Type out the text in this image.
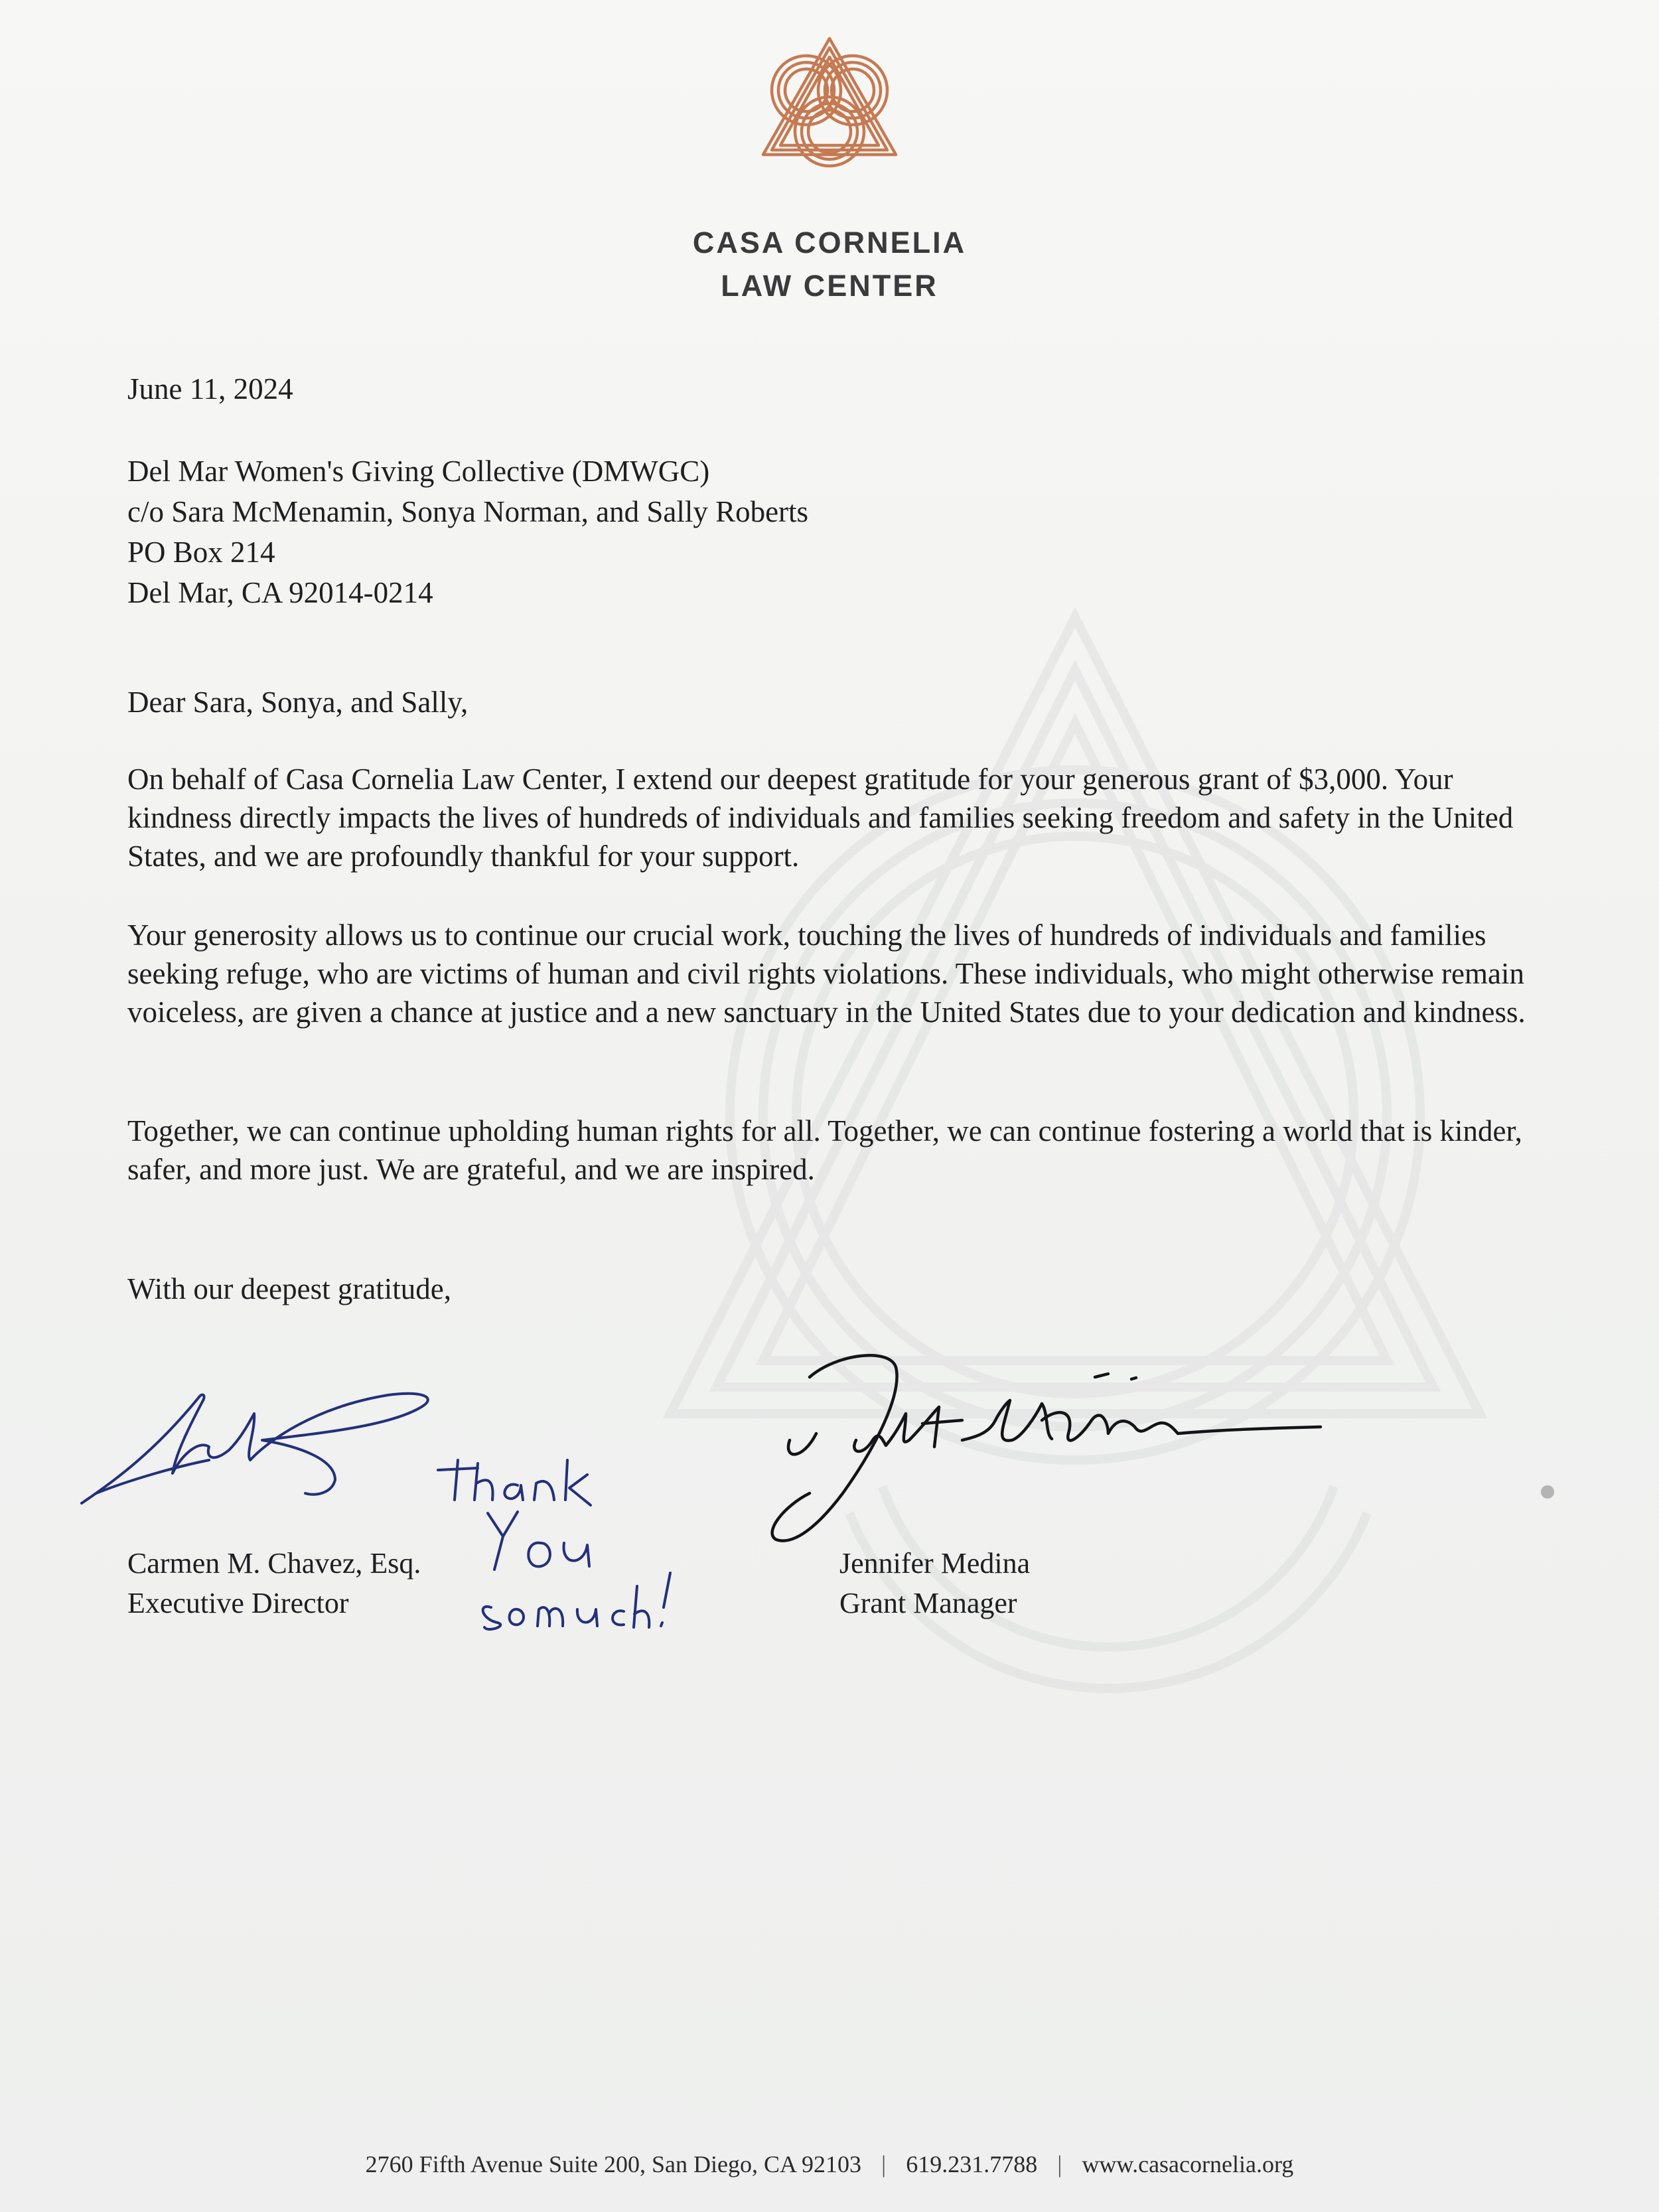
CASA CORNELIA
LAW CENTER
June 11, 2024
Del Mar Women's Giving Collective (DMWGC)
c/o Sara McMenamin, Sonya Norman, and Sally Roberts
PO Box 214
Del Mar, CA 92014-0214
Dear Sara, Sonya, and Sally,

On behalf of Casa Cornelia Law Center, I extend our deepest gratitude for your generous grant of $3,000. Your kindness directly impacts the lives of hundreds of individuals and families seeking freedom and safety in the United States, and we are profoundly thankful for your support.

Your generosity allows us to continue our crucial work, touching the lives of hundreds of individuals and families seeking refuge, who are victims of human and civil rights violations. These individuals, who might otherwise remain voiceless, are given a chance at justice and a new sanctuary in the United States due to your dedication and kindness.

Together, we can continue upholding human rights for all. Together, we can continue fostering a world that is kinder, safer, and more just. We are grateful, and we are inspired.

With our deepest gratitude,
Carmen M. Chavez, Esq.
Executive Director
Jennifer Medina
Grant Manager
2760 Fifth Avenue Suite 200, San Diego, CA 92103 | 619.231.7788 | www.casacornelia.org
